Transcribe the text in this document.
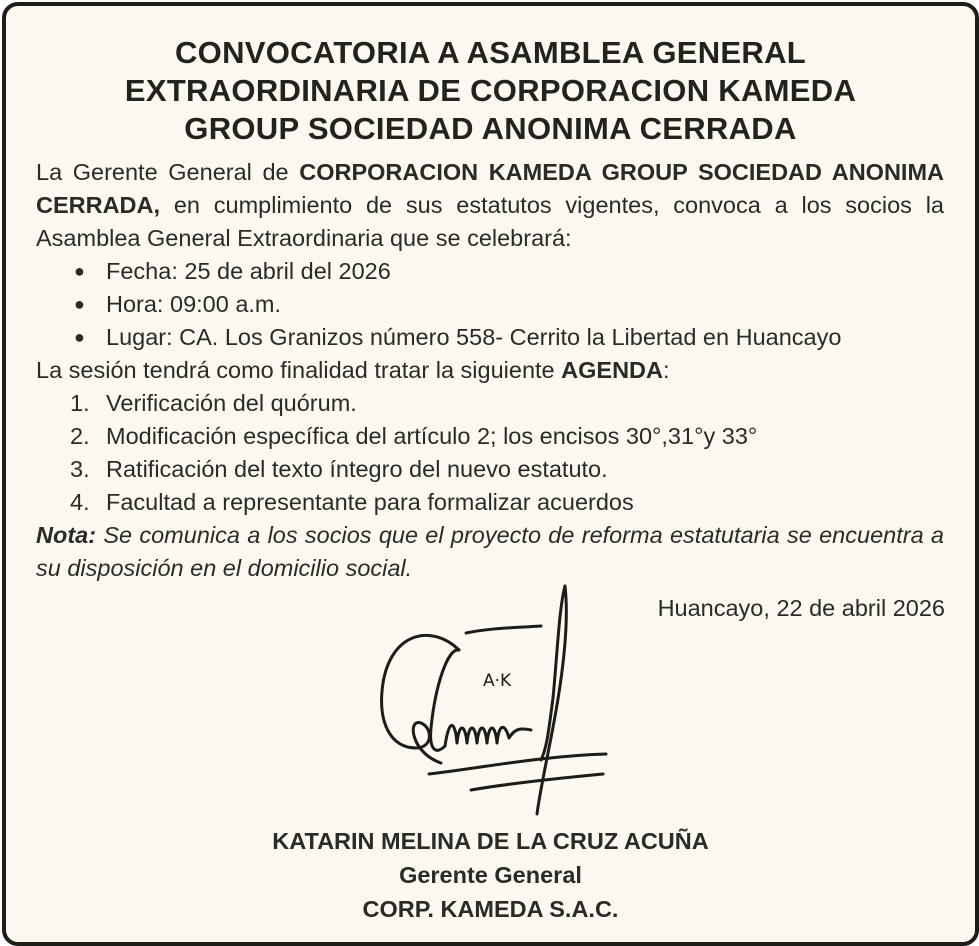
CONVOCATORIA A ASAMBLEA GENERAL
EXTRAORDINARIA DE CORPORACION KAMEDA
GROUP SOCIEDAD ANONIMA CERRADA

La Gerente General de CORPORACION KAMEDA GROUP SOCIEDAD ANONIMA CERRADA, en cumplimiento de sus estatutos vigentes, convoca a los socios la Asamblea General Extraordinaria que se celebrará:

● Fecha: 25 de abril del 2026
● Hora: 09:00 a.m.
● Lugar: CA. Los Granizos número 558- Cerrito la Libertad en Huancayo

La sesión tendrá como finalidad tratar la siguiente AGENDA:

1. Verificación del quórum.
2. Modificación específica del artículo 2; los encisos 30°,31°y 33°
3. Ratificación del texto íntegro del nuevo estatuto.
4. Facultad a representante para formalizar acuerdos

Nota: Se comunica a los socios que el proyecto de reforma estatutaria se encuentra a su disposición en el domicilio social.

Huancayo, 22 de abril 2026
A·K
KATARIN MELINA DE LA CRUZ ACUÑA
Gerente General
CORP. KAMEDA S.A.C.
